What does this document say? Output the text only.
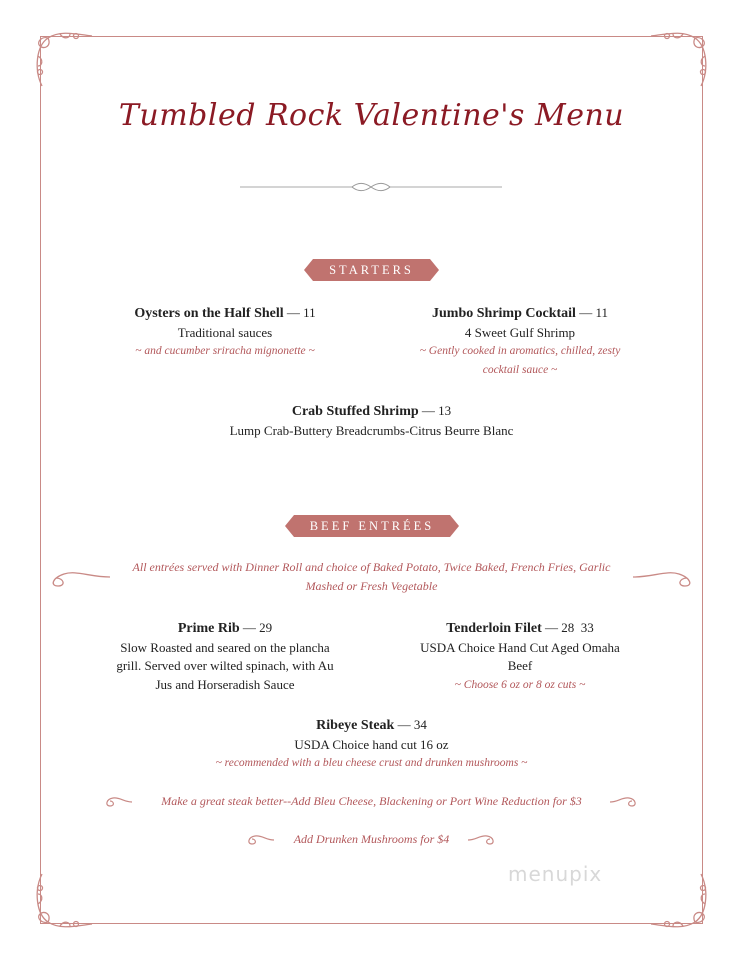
Tumbled Rock Valentine's Menu
STARTERS
Oysters on the Half Shell — 11
Traditional sauces
~ and cucumber sriracha mignonette ~
Jumbo Shrimp Cocktail — 11
4 Sweet Gulf Shrimp
~ Gently cooked in aromatics, chilled, zesty
cocktail sauce ~
Crab Stuffed Shrimp — 13
Lump Crab-Buttery Breadcrumbs-Citrus Beurre Blanc
BEEF ENTRÉES
All entrées served with Dinner Roll and choice of Baked Potato, Twice Baked, French Fries, Garlic
Mashed or Fresh Vegetable
Prime Rib — 29
Slow Roasted and seared on the plancha
grill. Served over wilted spinach, with Au
Jus and Horseradish Sauce
Tenderloin Filet — 28  33
USDA Choice Hand Cut Aged Omaha
Beef
~ Choose 6 oz or 8 oz cuts ~
Ribeye Steak — 34
USDA Choice hand cut 16 oz
~ recommended with a bleu cheese crust and drunken mushrooms ~
Make a great steak better--Add Bleu Cheese, Blackening or Port Wine Reduction for $3
Add Drunken Mushrooms for $4
menupix
